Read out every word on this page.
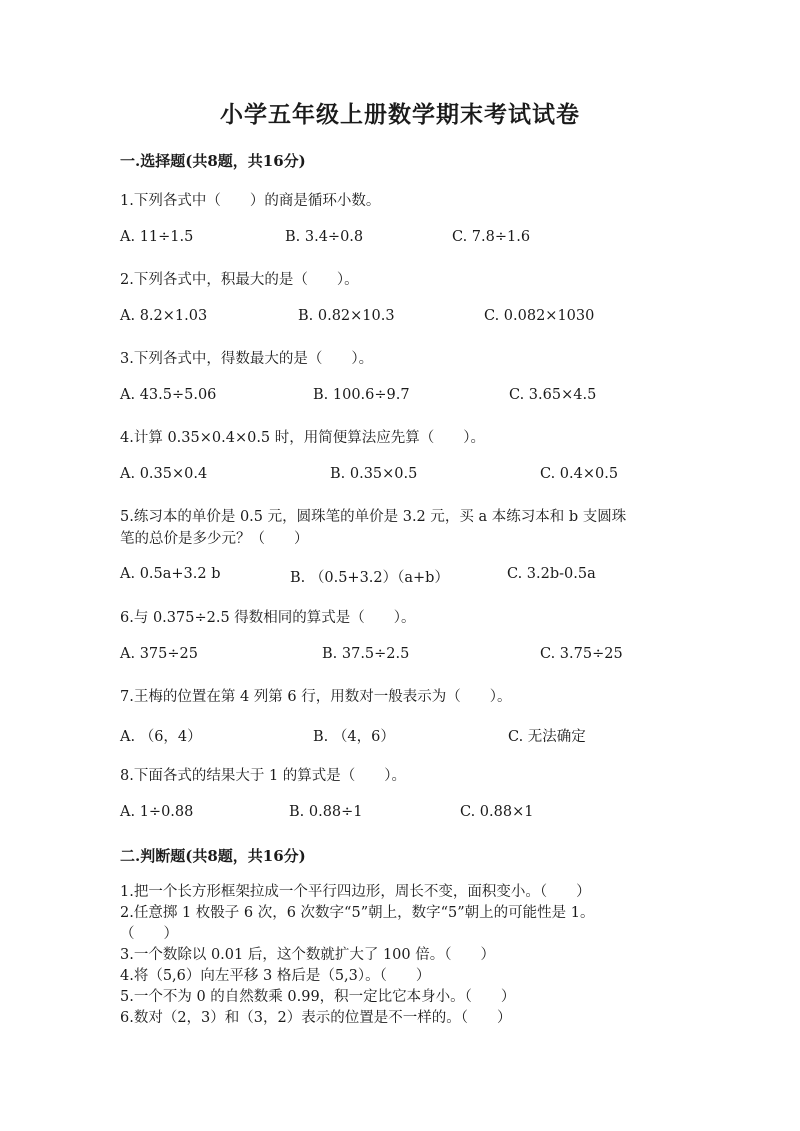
小学五年级上册数学期末考试试卷
一.选择题(共8题，共16分)
1.下列各式中（　　）的商是循环小数。
A. 11÷1.5	B. 3.4÷0.8	C. 7.8÷1.6
2.下列各式中，积最大的是（　　）。
A. 8.2×1.03	B. 0.82×10.3	C. 0.082×1030
3.下列各式中，得数最大的是（　　）。
A. 43.5÷5.06	B. 100.6÷9.7	C. 3.65×4.5
4.计算 0.35×0.4×0.5 时，用简便算法应先算（　　）。
A. 0.35×0.4	B. 0.35×0.5	C. 0.4×0.5
5.练习本的单价是 0.5 元，圆珠笔的单价是 3.2 元，买 a 本练习本和 b 支圆珠
笔的总价是多少元？（　　）
A. 0.5a+3.2 b	B. （0.5+3.2）（a+b）	C. 3.2b-0.5a
6.与 0.375÷2.5 得数相同的算式是（　　）。
A. 375÷25	B. 37.5÷2.5	C. 3.75÷25
7.王梅的位置在第 4 列第 6 行，用数对一般表示为（　　）。
A. （6，4）	B. （4，6）	C. 无法确定
8.下面各式的结果大于 1 的算式是（　　）。
A. 1÷0.88	B. 0.88÷1	C. 0.88×1
二.判断题(共8题，共16分)
1.把一个长方形框架拉成一个平行四边形，周长不变，面积变小。（　　）
2.任意掷 1 枚骰子 6 次，6 次数字“5”朝上，数字“5”朝上的可能性是 1。
（　　）
3.一个数除以 0.01 后，这个数就扩大了 100 倍。（　　）
4.将（5,6）向左平移 3 格后是（5,3）。（　　）
5.一个不为 0 的自然数乘 0.99，积一定比它本身小。（　　）
6.数对（2，3）和（3，2）表示的位置是不一样的。（　　）
